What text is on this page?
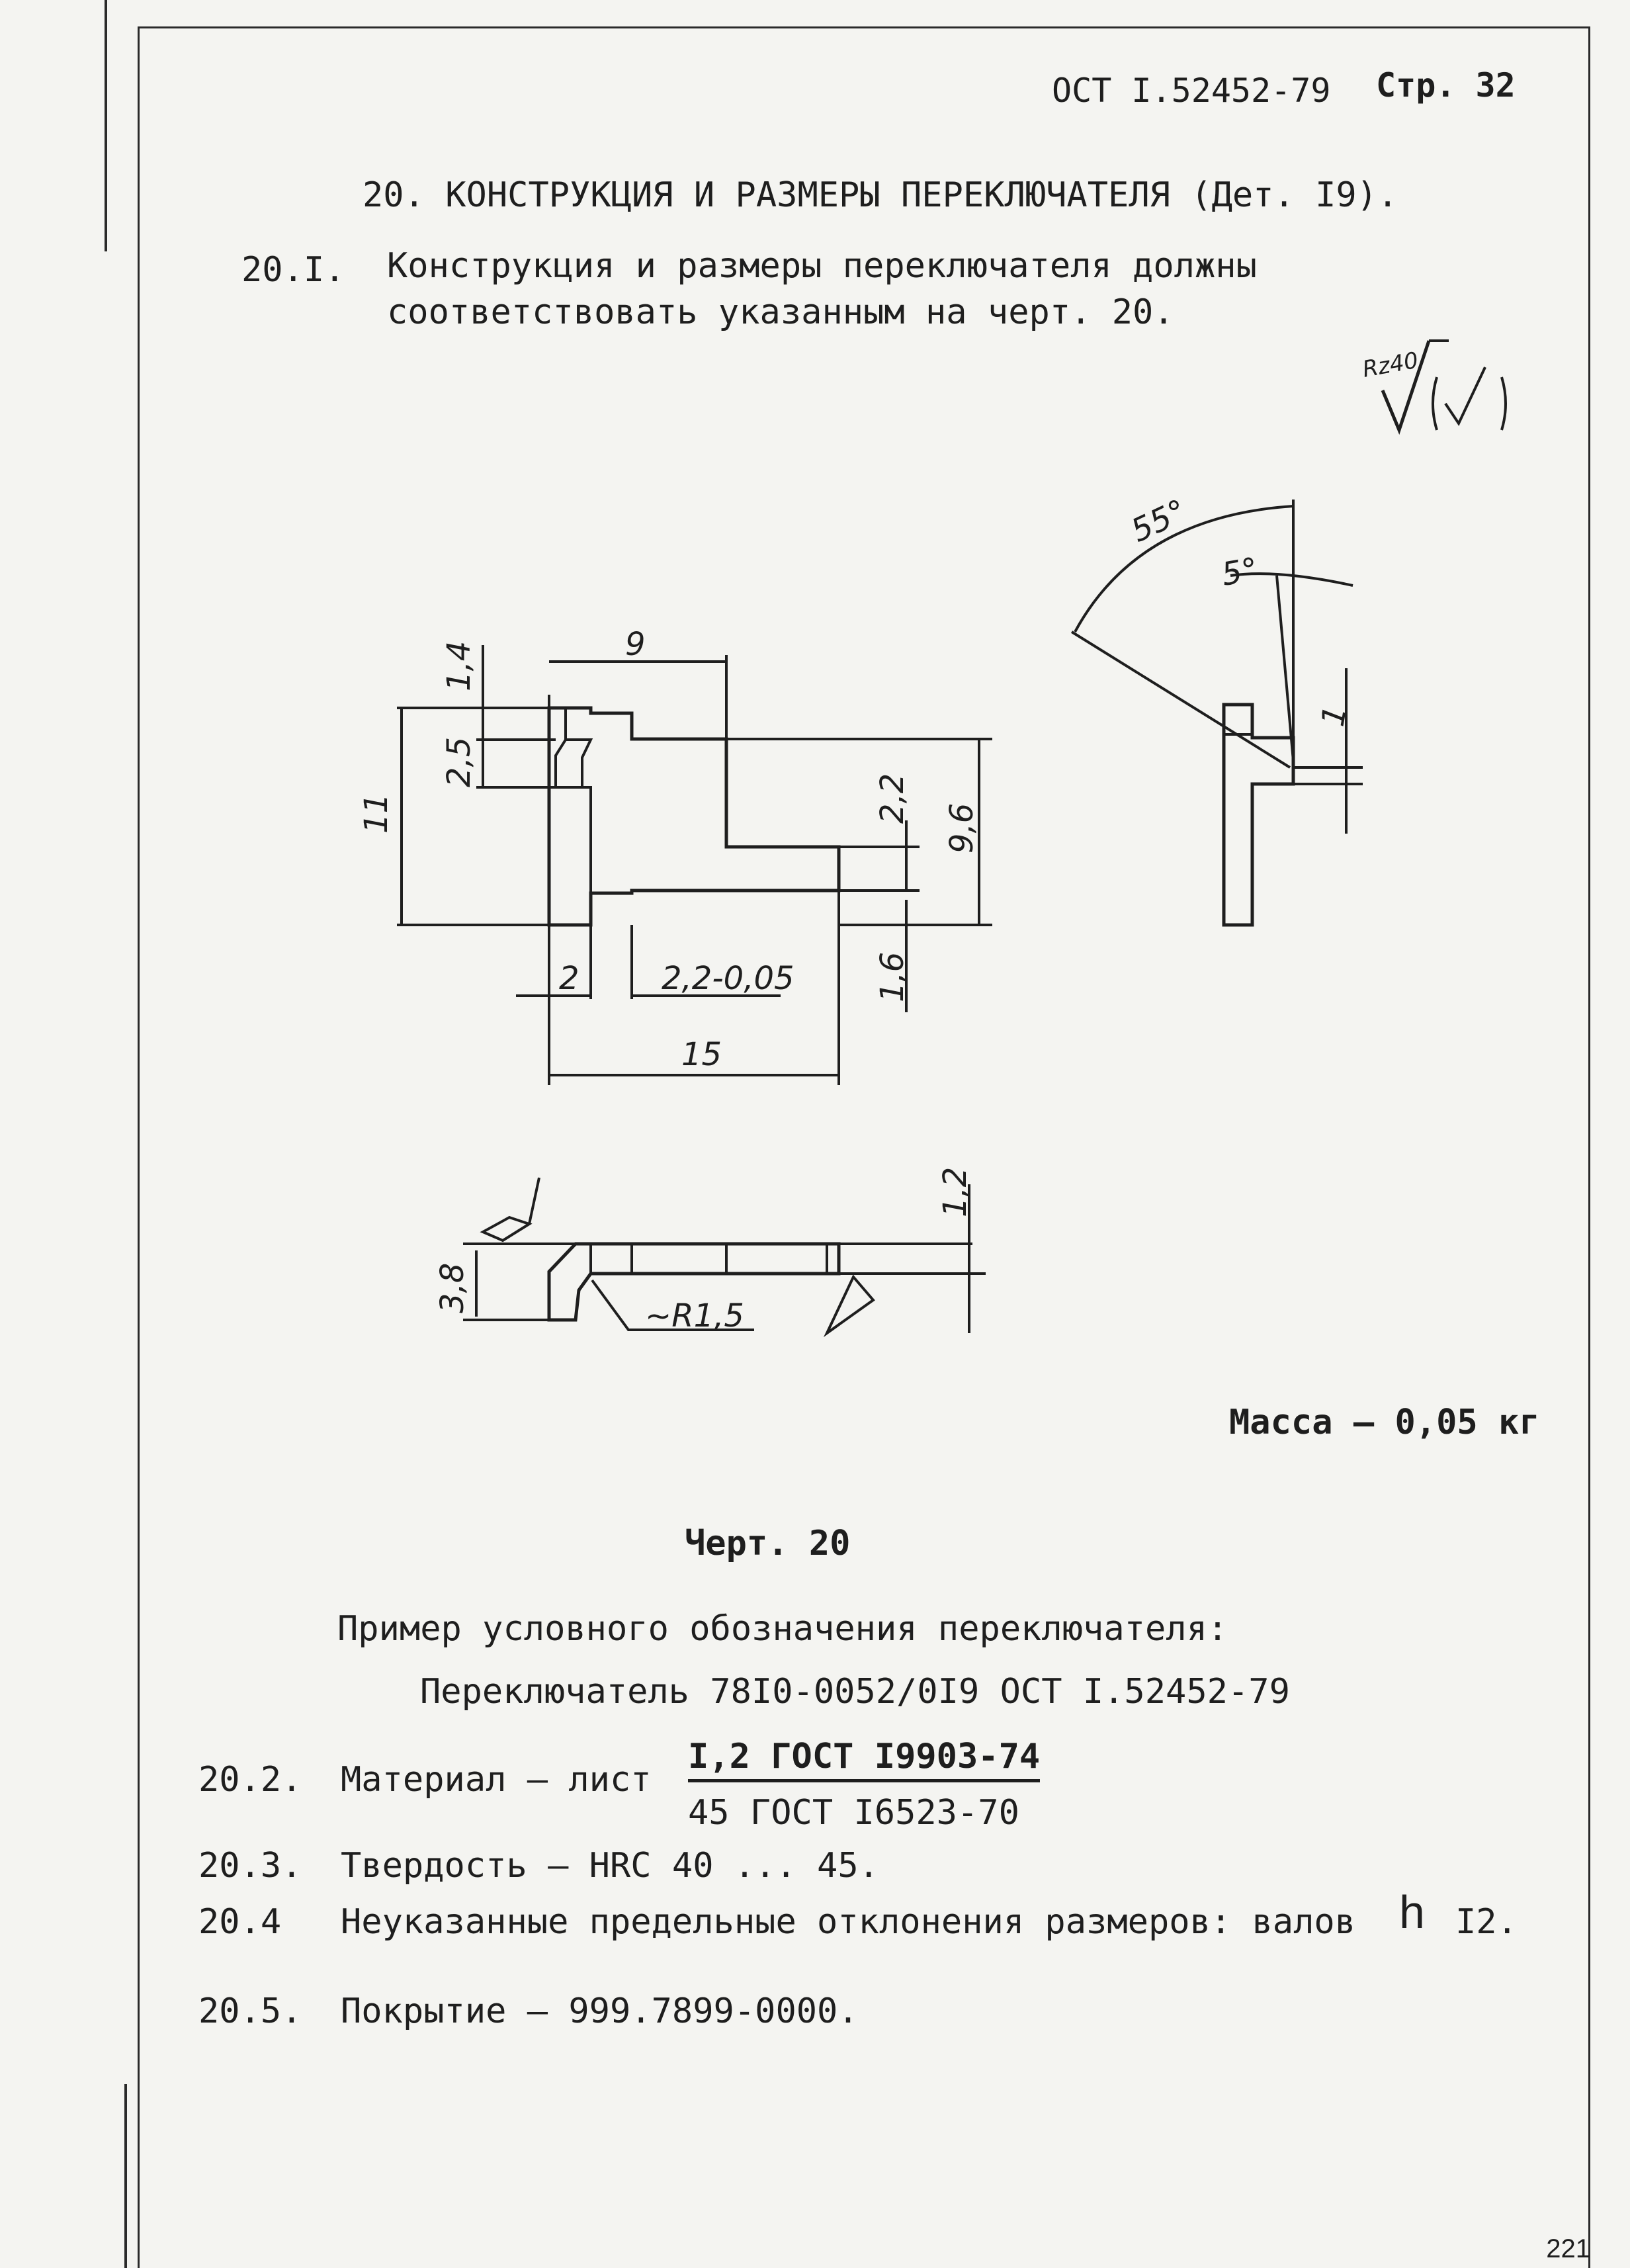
ОСТ I.52452-79 Стр. 32
20. КОНСТРУКЦИЯ И РАЗМЕРЫ ПЕРЕКЛЮЧАТЕЛЯ (Дет. I9).
20.I. Конструкция и размеры переключателя должны
соответствовать указанным на черт. 20.
9
1,4
2,5
11	2,2
9,6
2	2,2-0,05	1,6
15
55°
5°
1
1,2
3,8
~R1,5
Rz40
Масса – 0,05 кг
Черт. 20
Пример условного обозначения переключателя:
Переключатель 78I0-0052/0I9 ОСТ I.52452-79
20.2. Материал – лист
I,2 ГОСТ I9903-74
45 ГОСТ I6523-70
20.3. Твердость – HRC 40 ... 45.
20.4 Неуказанные предельные отклонения размеров: валов h I2.
20.5. Покрытие – 999.7899-0000.
221
